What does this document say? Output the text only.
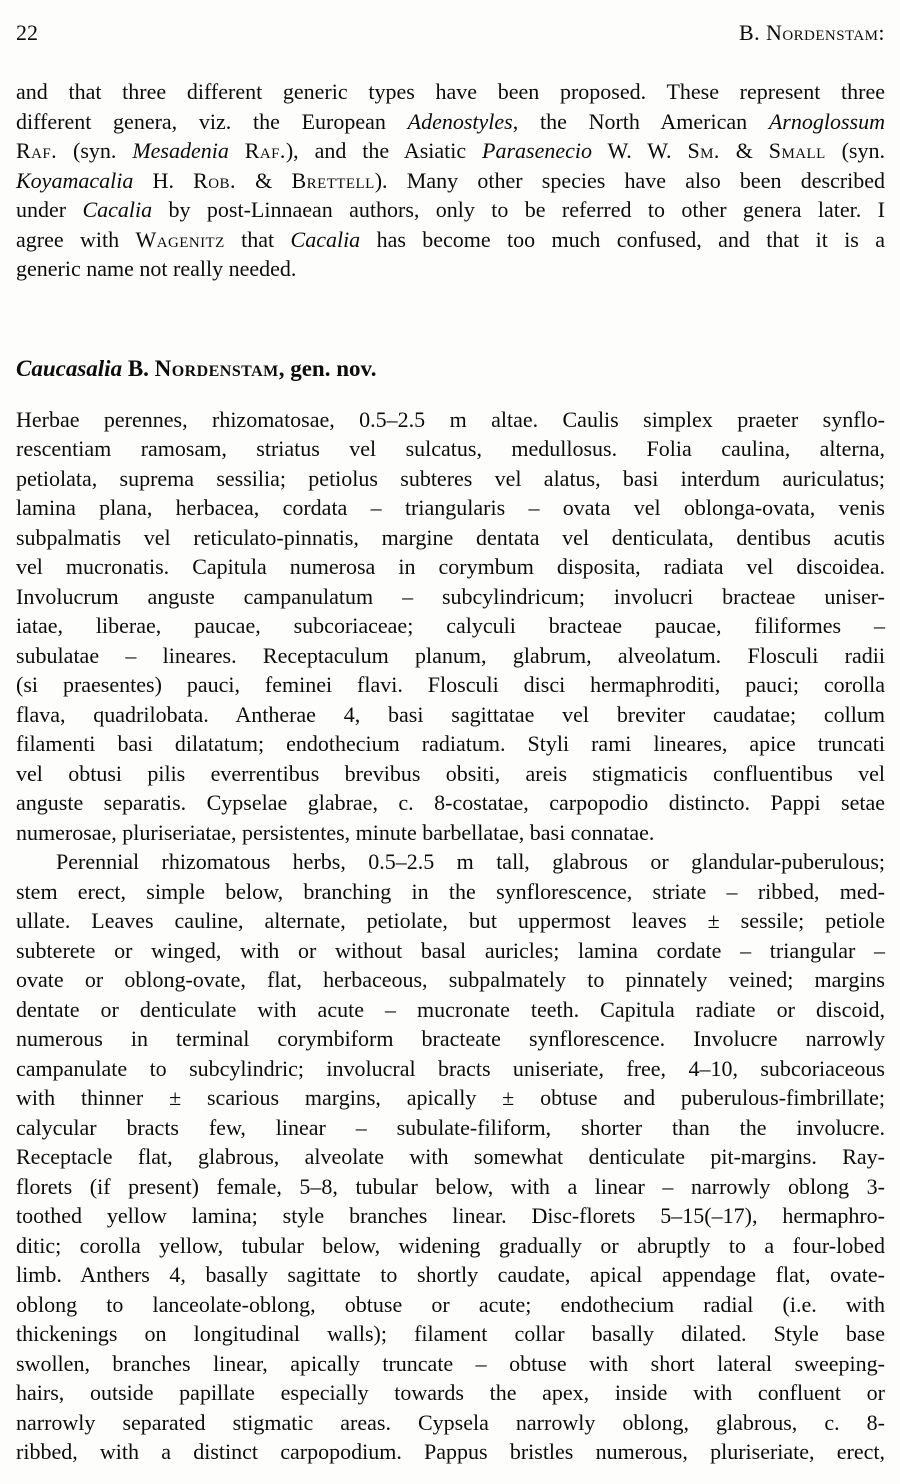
22	B. Nordenstam:
and that three different generic types have been proposed. These represent three
different genera, viz. the European Adenostyles, the North American Arnoglossum
Raf. (syn. Mesadenia Raf.), and the Asiatic Parasenecio W. W. Sm. & Small (syn.
Koyamacalia H. Rob. & Brettell). Many other species have also been described
under Cacalia by post-Linnaean authors, only to be referred to other genera later. I
agree with Wagenitz that Cacalia has become too much confused, and that it is a
generic name not really needed.
Caucasalia B. Nordenstam, gen. nov.
Herbae perennes, rhizomatosae, 0.5–2.5 m altae. Caulis simplex praeter synflo-
rescentiam ramosam, striatus vel sulcatus, medullosus. Folia caulina, alterna,
petiolata, suprema sessilia; petiolus subteres vel alatus, basi interdum auriculatus;
lamina plana, herbacea, cordata – triangularis – ovata vel oblonga-ovata, venis
subpalmatis vel reticulato-pinnatis, margine dentata vel denticulata, dentibus acutis
vel mucronatis. Capitula numerosa in corymbum disposita, radiata vel discoidea.
Involucrum anguste campanulatum – subcylindricum; involucri bracteae uniser-
iatae, liberae, paucae, subcoriaceae; calyculi bracteae paucae, filiformes –
subulatae – lineares. Receptaculum planum, glabrum, alveolatum. Flosculi radii
(si praesentes) pauci, feminei flavi. Flosculi disci hermaphroditi, pauci; corolla
flava, quadrilobata. Antherae 4, basi sagittatae vel breviter caudatae; collum
filamenti basi dilatatum; endothecium radiatum. Styli rami lineares, apice truncati
vel obtusi pilis everrentibus brevibus obsiti, areis stigmaticis confluentibus vel
anguste separatis. Cypselae glabrae, c. 8-costatae, carpopodio distincto. Pappi setae
numerosae, pluriseriatae, persistentes, minute barbellatae, basi connatae.
Perennial rhizomatous herbs, 0.5–2.5 m tall, glabrous or glandular-puberulous;
stem erect, simple below, branching in the synflorescence, striate – ribbed, med-
ullate. Leaves cauline, alternate, petiolate, but uppermost leaves ± sessile; petiole
subterete or winged, with or without basal auricles; lamina cordate – triangular –
ovate or oblong-ovate, flat, herbaceous, subpalmately to pinnately veined; margins
dentate or denticulate with acute – mucronate teeth. Capitula radiate or discoid,
numerous in terminal corymbiform bracteate synflorescence. Involucre narrowly
campanulate to subcylindric; involucral bracts uniseriate, free, 4–10, subcoriaceous
with thinner ± scarious margins, apically ± obtuse and puberulous-fimbrillate;
calycular bracts few, linear – subulate-filiform, shorter than the involucre.
Receptacle flat, glabrous, alveolate with somewhat denticulate pit-margins. Ray-
florets (if present) female, 5–8, tubular below, with a linear – narrowly oblong 3-
toothed yellow lamina; style branches linear. Disc-florets 5–15(–17), hermaphro-
ditic; corolla yellow, tubular below, widening gradually or abruptly to a four-lobed
limb. Anthers 4, basally sagittate to shortly caudate, apical appendage flat, ovate-
oblong to lanceolate-oblong, obtuse or acute; endothecium radial (i.e. with
thickenings on longitudinal walls); filament collar basally dilated. Style base
swollen, branches linear, apically truncate – obtuse with short lateral sweeping-
hairs, outside papillate especially towards the apex, inside with confluent or
narrowly separated stigmatic areas. Cypsela narrowly oblong, glabrous, c. 8-
ribbed, with a distinct carpopodium. Pappus bristles numerous, pluriseriate, erect,
